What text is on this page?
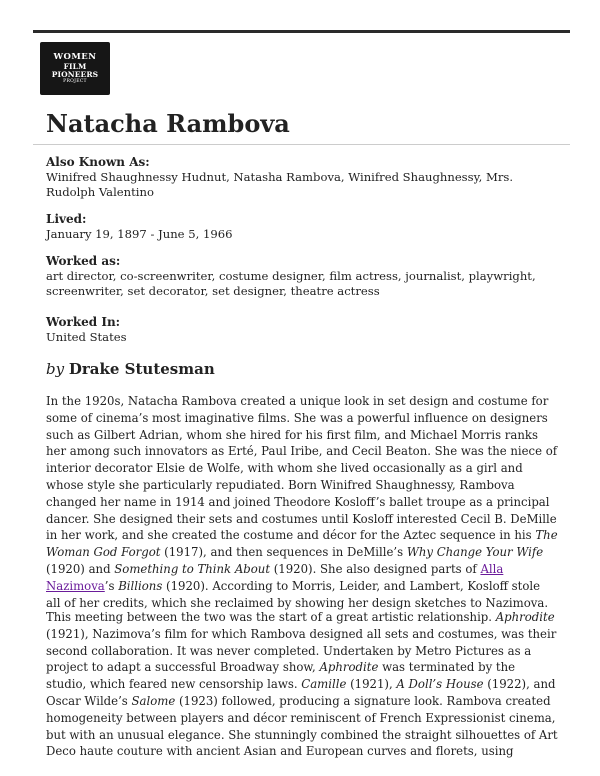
WOMEN
FILM PIONEERS
PROJECT
Natacha Rambova

Also Known As:

Winifred Shaughnessy Hudnut, Natasha Rambova, Winifred Shaughnessy, Mrs. Rudolph Valentino

Lived:

January 19, 1897 - June 5, 1966

Worked as:

art director, co-screenwriter, costume designer, film actress, journalist, playwright, screenwriter, set decorator, set designer, theatre actress

Worked In:

United States

by Drake Stutesman

In the 1920s, Natacha Rambova created a unique look in set design and costume for some of cinema’s most imaginative films. She was a powerful influence on designers such as Gilbert Adrian, whom she hired for his first film, and Michael Morris ranks her among such innovators as Erté, Paul Iribe, and Cecil Beaton. She was the niece of interior decorator Elsie de Wolfe, with whom she lived occasionally as a girl and whose style she particularly repudiated. Born Winifred Shaughnessy, Rambova changed her name in 1914 and joined Theodore Kosloff’s ballet troupe as a principal dancer. She designed their sets and costumes until Kosloff interested Cecil B. DeMille in her work, and she created the costume and décor for the Aztec sequence in his The Woman God Forgot (1917), and then sequences in DeMille’s Why Change Your Wife (1920) and Something to Think About (1920). She also designed parts of Alla Nazimova’s Billions (1920). According to Morris, Leider, and Lambert, Kosloff stole all of her credits, which she reclaimed by showing her design sketches to Nazimova.

This meeting between the two was the start of a great artistic relationship. Aphrodite (1921), Nazimova’s film for which Rambova designed all sets and costumes, was their second collaboration. It was never completed. Undertaken by Metro Pictures as a project to adapt a successful Broadway show, Aphrodite was terminated by the studio, which feared new censorship laws. Camille (1921), A Doll’s House (1922), and Oscar Wilde’s Salome (1923) followed, producing a signature look. Rambova created homogeneity between players and décor reminiscent of French Expressionist cinema, but with an unusual elegance. She stunningly combined the straight silhouettes of Art Deco haute couture with ancient Asian and European curves and florets, using
